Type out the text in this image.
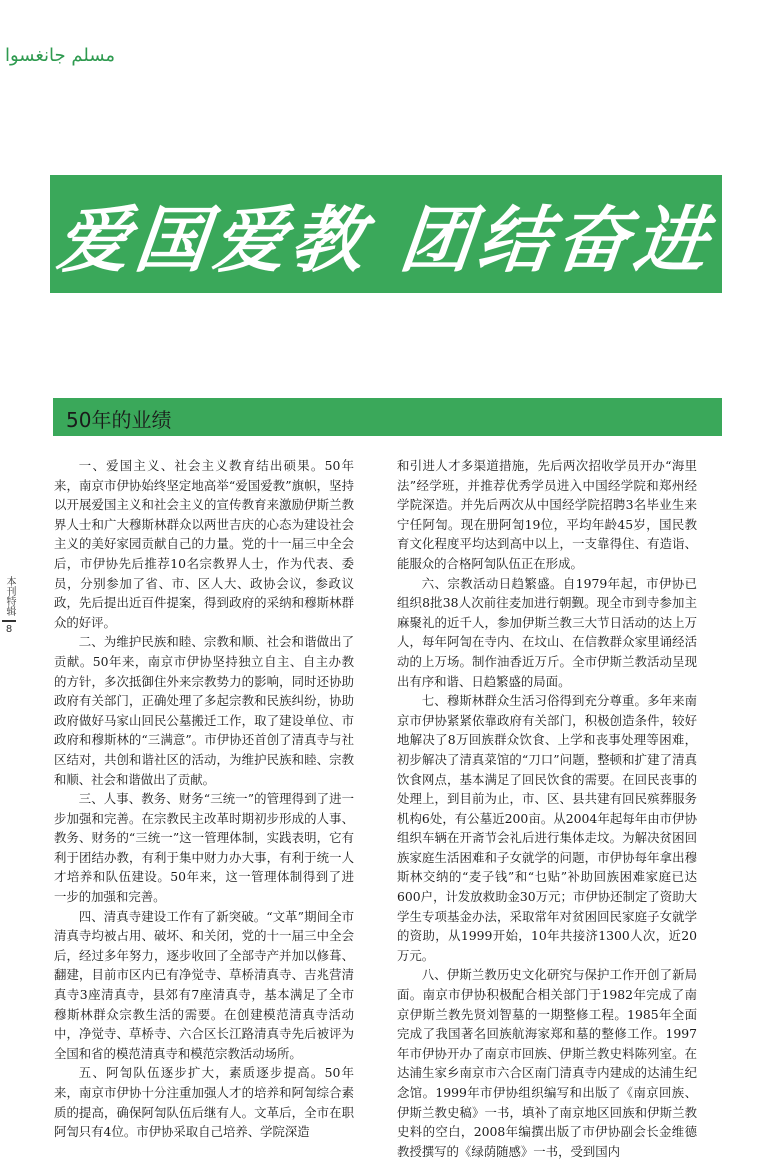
مسلم جانغسوا
爱国爱教 团结奋进
50年的业绩
本刊特辑
8

一、爱国主义、社会主义教育结出硕果。50年来，南京市伊协始终坚定地高举“爱国爱教”旗帜，坚持以开展爱国主义和社会主义的宣传教育来激励伊斯兰教界人士和广大穆斯林群众以两世吉庆的心态为建设社会主义的美好家园贡献自己的力量。党的十一届三中全会后，市伊协先后推荐10名宗教界人士，作为代表、委员，分别参加了省、市、区人大、政协会议，参政议政，先后提出近百件提案，得到政府的采纳和穆斯林群众的好评。

二、为维护民族和睦、宗教和顺、社会和谐做出了贡献。50年来，南京市伊协坚持独立自主、自主办教的方针，多次抵御住外来宗教势力的影响，同时还协助政府有关部门，正确处理了多起宗教和民族纠纷，协助政府做好马家山回民公墓搬迁工作，取了建设单位、市政府和穆斯林的“三满意”。市伊协还首创了清真寺与社区结对，共创和谐社区的活动，为维护民族和睦、宗教和顺、社会和谐做出了贡献。

三、人事、教务、财务“三统一”的管理得到了进一步加强和完善。在宗教民主改革时期初步形成的人事、教务、财务的“三统一”这一管理体制，实践表明，它有利于团结办教，有利于集中财力办大事，有利于统一人才培养和队伍建设。50年来，这一管理体制得到了进一步的加强和完善。

四、清真寺建设工作有了新突破。“文革”期间全市清真寺均被占用、破坏、和关闭，党的十一届三中全会后，经过多年努力，逐步收回了全部寺产并加以修葺、翻建，目前市区内已有净觉寺、草桥清真寺、吉兆营清真寺3座清真寺，县郊有7座清真寺，基本满足了全市穆斯林群众宗教生活的需要。在创建模范清真寺活动中，净觉寺、草桥寺、六合区长江路清真寺先后被评为全国和省的模范清真寺和模范宗教活动场所。

五、阿訇队伍逐步扩大，素质逐步提高。50年来，南京市伊协十分注重加强人才的培养和阿訇综合素质的提高，确保阿訇队伍后继有人。文革后，全市在职阿訇只有4位。市伊协采取自己培养、学院深造

和引进人才多渠道措施，先后两次招收学员开办“海里法”经学班，并推荐优秀学员进入中国经学院和郑州经学院深造。并先后两次从中国经学院招聘3名毕业生来宁任阿訇。现在册阿訇19位，平均年龄45岁，国民教育文化程度平均达到高中以上，一支靠得住、有造诣、能服众的合格阿訇队伍正在形成。

六、宗教活动日趋繁盛。自1979年起，市伊协已组织8批38人次前往麦加进行朝觐。现全市到寺参加主麻聚礼的近千人，参加伊斯兰教三大节日活动的达上万人，每年阿訇在寺内、在坟山、在信教群众家里诵经活动的上万场。制作油香近万斤。全市伊斯兰教活动呈现出有序和谐、日趋繁盛的局面。

七、穆斯林群众生活习俗得到充分尊重。多年来南京市伊协紧紧依靠政府有关部门，积极创造条件，较好地解决了8万回族群众饮食、上学和丧事处理等困难，初步解决了清真菜馆的“刀口”问题，整顿和扩建了清真饮食网点，基本满足了回民饮食的需要。在回民丧事的处理上，到目前为止，市、区、县共建有回民殡葬服务机构6处，有公墓近200亩。从2004年起每年由市伊协组织车辆在开斋节会礼后进行集体走坟。为解决贫困回族家庭生活困难和子女就学的问题，市伊协每年拿出穆斯林交纳的“麦子钱”和“乜贴”补助回族困难家庭已达600户，计发放救助金30万元；市伊协还制定了资助大学生专项基金办法，采取常年对贫困回民家庭子女就学的资助，从1999开始，10年共接济1300人次，近20万元。

八、伊斯兰教历史文化研究与保护工作开创了新局面。南京市伊协积极配合相关部门于1982年完成了南京伊斯兰教先贤刘智墓的一期整修工程。1985年全面完成了我国著名回族航海家郑和墓的整修工作。1997年市伊协开办了南京市回族、伊斯兰教史料陈列室。在达浦生家乡南京市六合区南门清真寺内建成的达浦生纪念馆。1999年市伊协组织编写和出版了《南京回族、伊斯兰教史稿》一书，填补了南京地区回族和伊斯兰教史料的空白，2008年编撰出版了市伊协副会长金维德教授撰写的《绿荫随感》一书，受到国内
